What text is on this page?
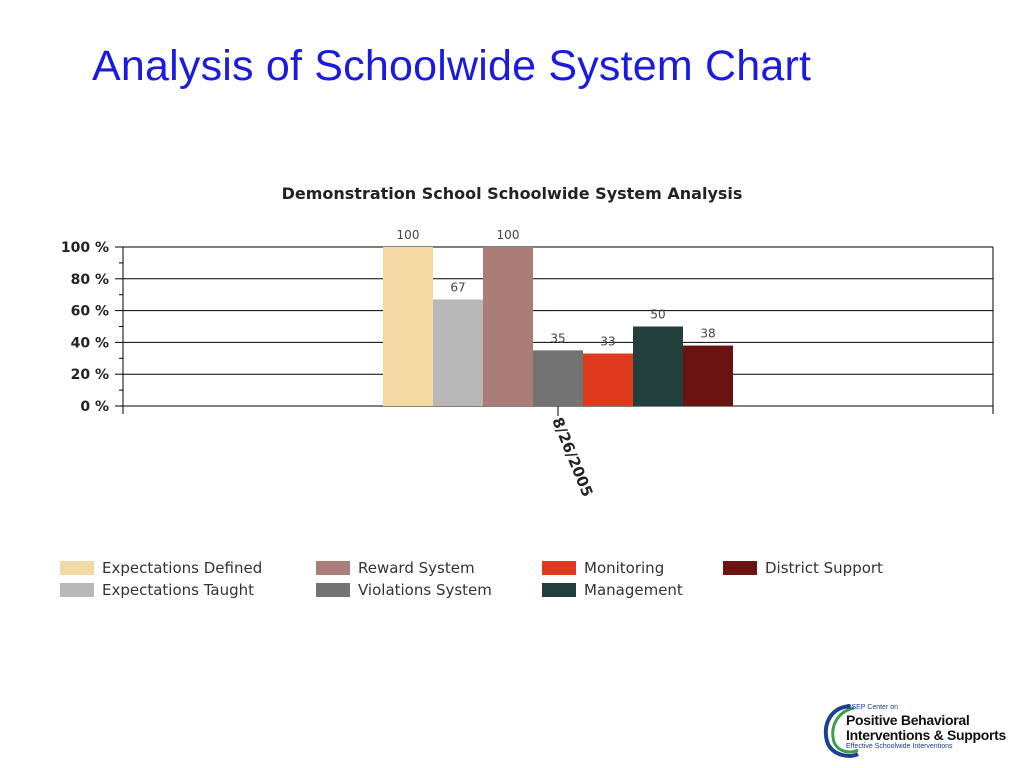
Analysis of Schoolwide System Chart
Demonstration School Schoolwide System Analysis
0 %
20 %
40 %
60 %
80 %
100 %
100
67
100
35	33
50
38
8/26/2005
Expectations Defined
Expectations Taught
Reward System
Violations System
Monitoring
Management
District Support
OSEP Center on
Positive Behavioral
Interventions & Supports
Effective Schoolwide Interventions
